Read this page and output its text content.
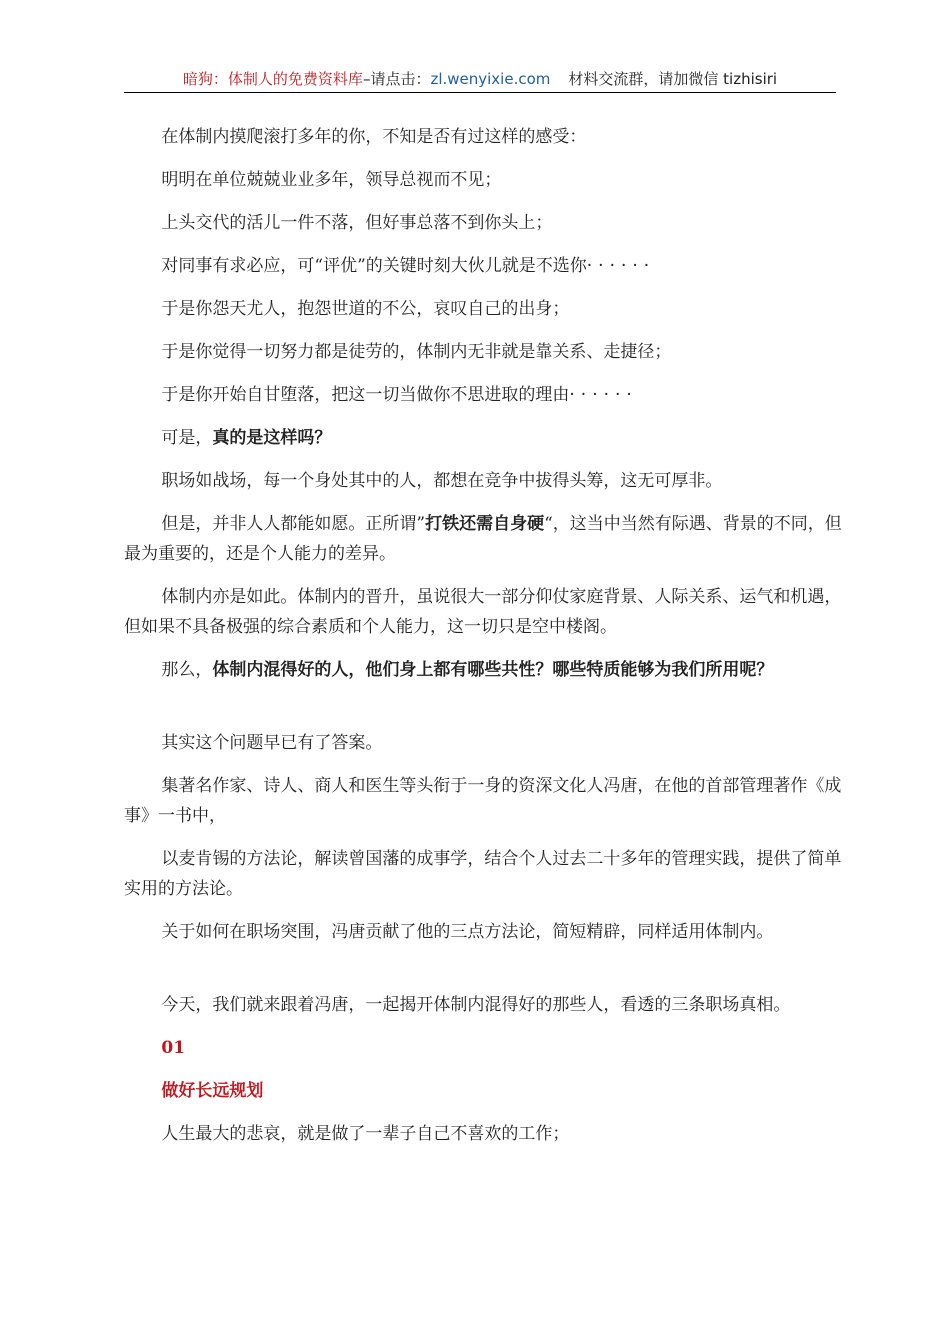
暗狗：体制人的免费资料库–请点击：zl.wenyixie.com 材料交流群，请加微信 tizhisiri

在体制内摸爬滚打多年的你，不知是否有过这样的感受：

明明在单位兢兢业业多年，领导总视而不见；

上头交代的活儿一件不落，但好事总落不到你头上；

对同事有求必应，可“评优”的关键时刻大伙儿就是不选你······

于是你怨天尤人，抱怨世道的不公，哀叹自己的出身；

于是你觉得一切努力都是徒劳的，体制内无非就是靠关系、走捷径；

于是你开始自甘堕落，把这一切当做你不思进取的理由······

可是，真的是这样吗？

职场如战场，每一个身处其中的人，都想在竞争中拔得头筹，这无可厚非。

但是，并非人人都能如愿。正所谓”打铁还需自身硬“，这当中当然有际遇、背景的不同，但最为重要的，还是个人能力的差异。

体制内亦是如此。体制内的晋升，虽说很大一部分仰仗家庭背景、人际关系、运气和机遇，但如果不具备极强的综合素质和个人能力，这一切只是空中楼阁。

那么，体制内混得好的人，他们身上都有哪些共性？哪些特质能够为我们所用呢？

其实这个问题早已有了答案。

集著名作家、诗人、商人和医生等头衔于一身的资深文化人冯唐，在他的首部管理著作《成事》一书中，

以麦肯锡的方法论，解读曾国藩的成事学，结合个人过去二十多年的管理实践，提供了简单实用的方法论。

关于如何在职场突围，冯唐贡献了他的三点方法论，简短精辟，同样适用体制内。

今天，我们就来跟着冯唐，一起揭开体制内混得好的那些人，看透的三条职场真相。

01

做好长远规划

人生最大的悲哀，就是做了一辈子自己不喜欢的工作；
